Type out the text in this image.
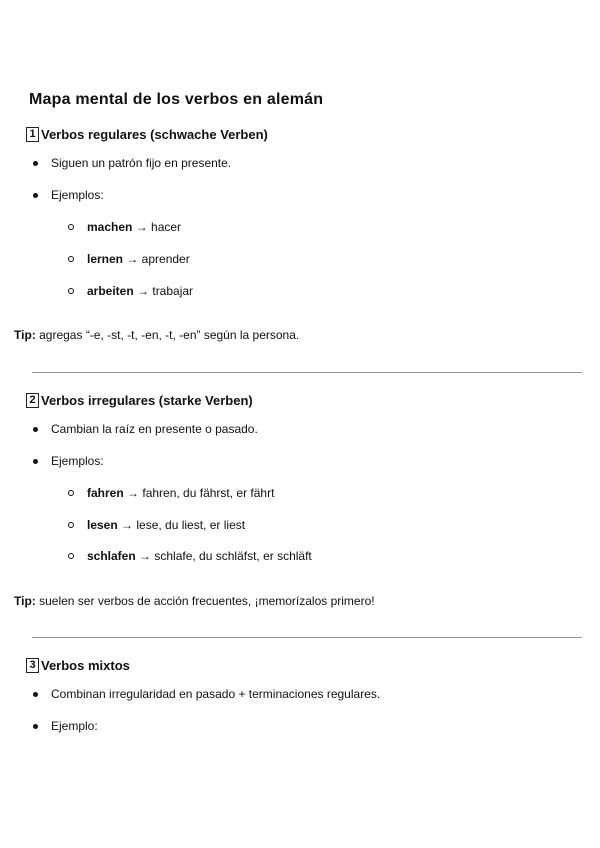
Mapa mental de los verbos en alemán
1 Verbos regulares (schwache Verben)
Siguen un patrón fijo en presente.
Ejemplos:
machen → hacer
lernen → aprender
arbeiten → trabajar
Tip: agregas “-e, -st, -t, -en, -t, -en” según la persona.
2 Verbos irregulares (starke Verben)
Cambian la raíz en presente o pasado.
Ejemplos:
fahren → fahren, du fährst, er fährt
lesen → lese, du liest, er liest
schlafen → schlafe, du schläfst, er schläft
Tip: suelen ser verbos de acción frecuentes, ¡memorízalos primero!
3 Verbos mixtos
Combinan irregularidad en pasado + terminaciones regulares.
Ejemplo:
